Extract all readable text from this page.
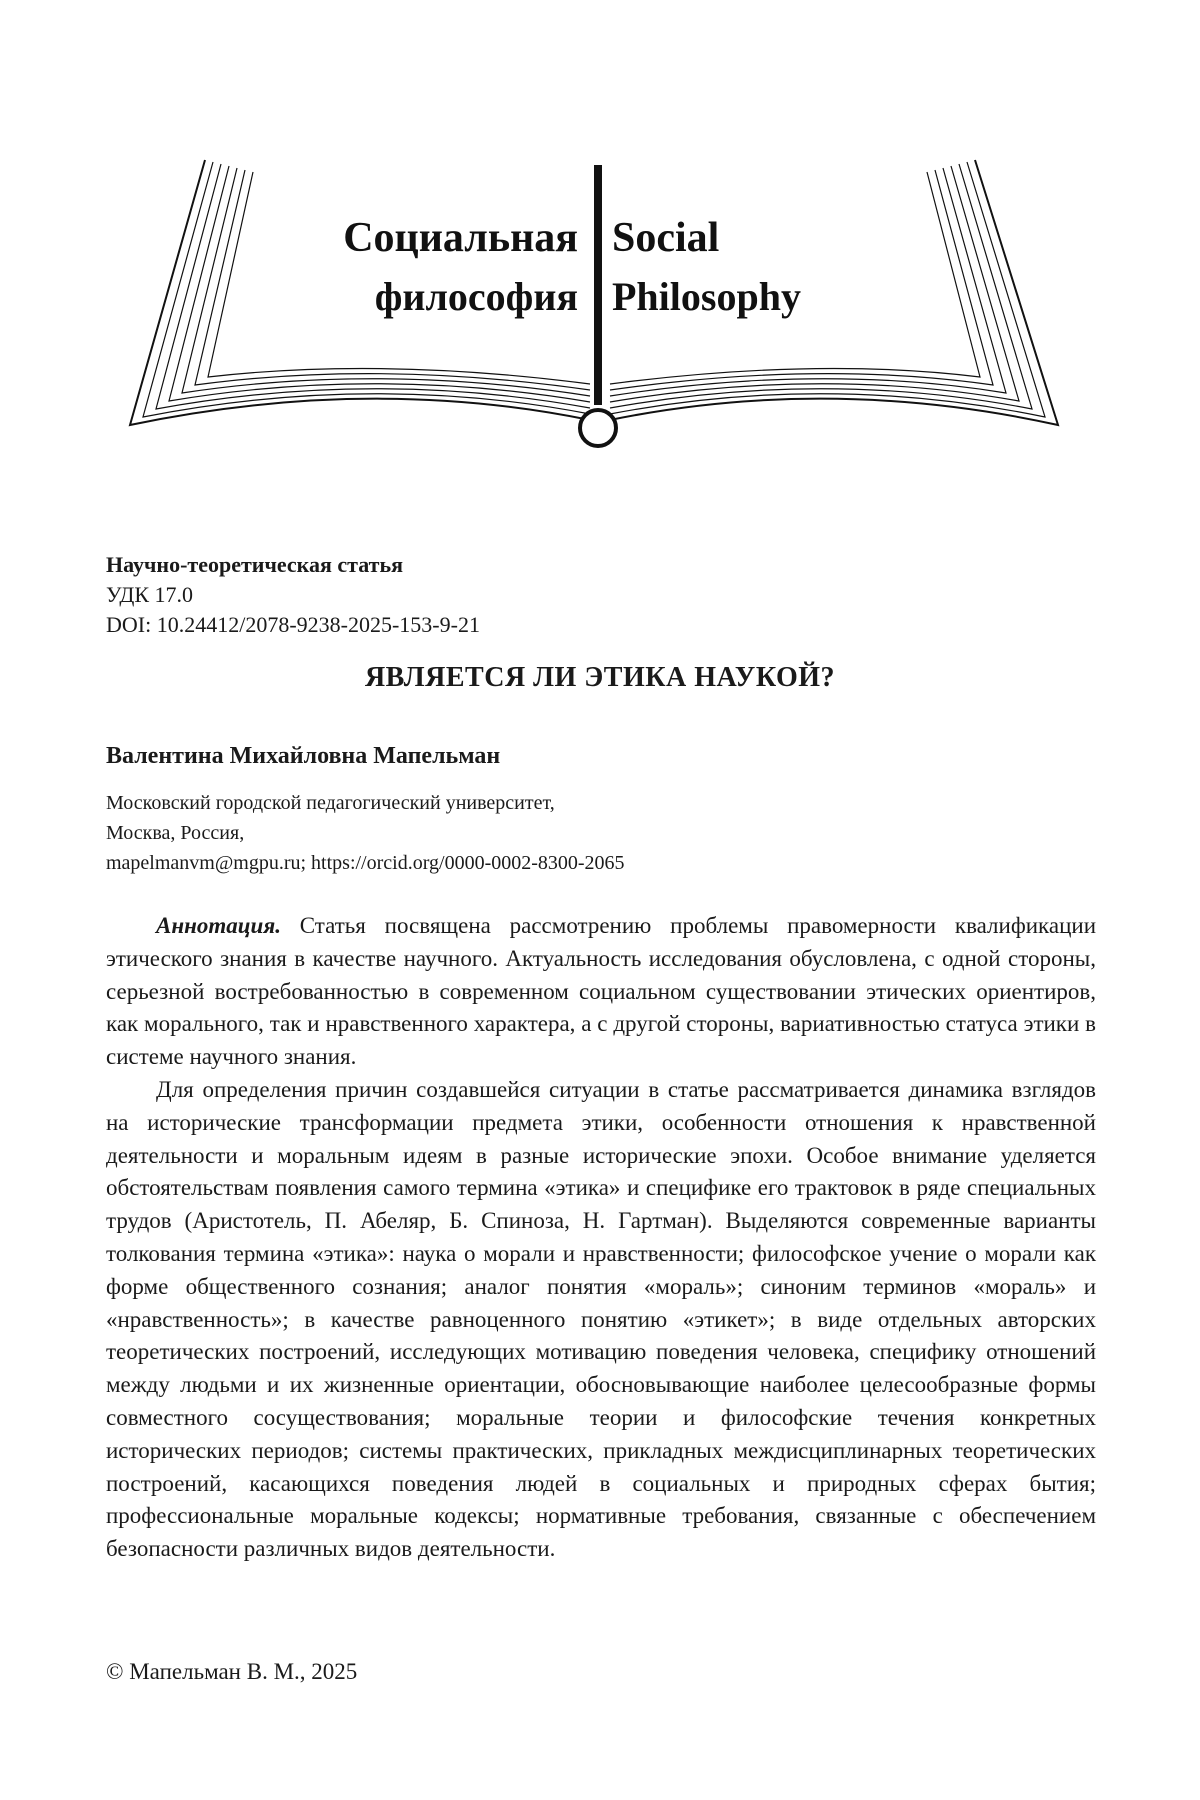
Социальная
философия
Social
Philosophy
Научно-теоретическая статья
УДК 17.0
DOI: 10.24412/2078-9238-2025-153-9-21
ЯВЛЯЕТСЯ ЛИ ЭТИКА НАУКОЙ?
Валентина Михайловна Мапельман
Московский городской педагогический университет,
Москва, Россия,
mapelmanvm@mgpu.ru; https://orcid.org/0000-0002-8300-2065

Аннотация. Статья посвящена рассмотрению проблемы правомерности квалификации этического знания в качестве научного. Актуальность исследования обусловлена, с одной стороны, серьезной востребованностью в современном социальном существовании этических ориентиров, как морального, так и нравственного характера, а с другой стороны, вариативностью статуса этики в системе научного знания.

Для определения причин создавшейся ситуации в статье рассматривается динамика взглядов на исторические трансформации предмета этики, особенности отношения к нравственной деятельности и моральным идеям в разные исторические эпохи. Особое внимание уделяется обстоятельствам появления самого термина «этика» и специфике его трактовок в ряде специальных трудов (Аристотель, П. Абеляр, Б. Спиноза, Н. Гартман). Выделяются современные варианты толкования термина «этика»: наука о морали и нравственности; философское учение о морали как форме общественного сознания; аналог понятия «мораль»; синоним терминов «мораль» и «нравственность»; в качестве равноценного понятию «этикет»; в виде отдельных авторских теоретических построений, исследующих мотивацию поведения человека, специфику отношений между людьми и их жизненные ориентации, обосновывающие наиболее целесообразные формы совместного сосуществования; моральные теории и философские течения конкретных исторических периодов; системы практических, прикладных междисциплинарных теоретических построений, касающихся поведения людей в социальных и природных сферах бытия; профессиональные моральные кодексы; нормативные требования, связанные с обеспечением безопасности различных видов деятельности.

© Мапельман В. М., 2025
